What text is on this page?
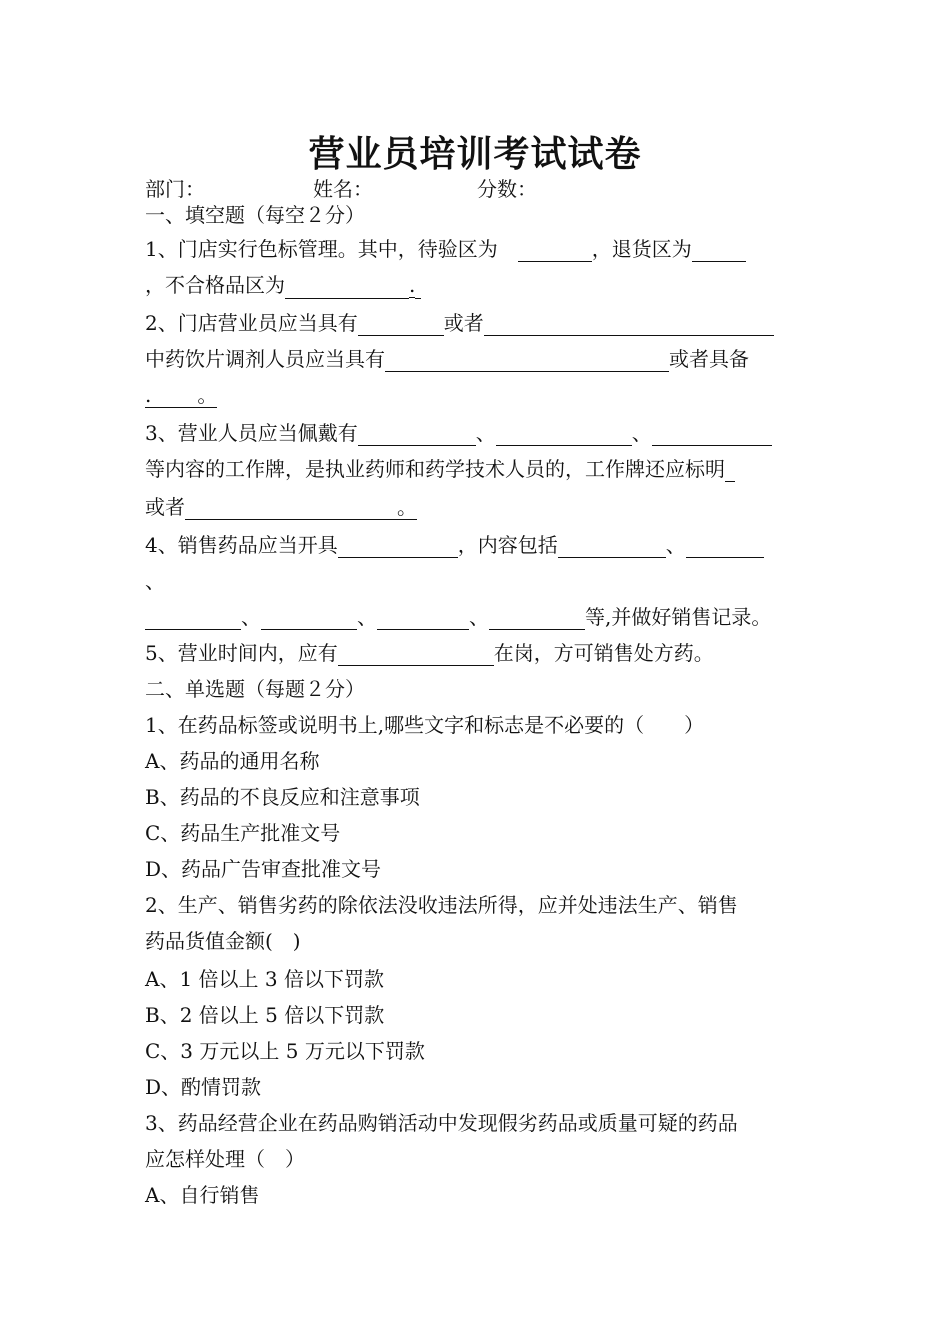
营业员培训考试试卷
部门：	姓名：	分数：
一、填空题（每空２分）
1、门店实行色标管理。其中，待验区为	，退货区为
，不合格品区为	.
2、门店营业员应当具有	或者
中药饮片调剂人员应当具有	或者具备
. 。
3、营业人员应当佩戴有	、	、
等内容的工作牌，是执业药师和药学技术人员的，工作牌还应标明
或者	。
4、销售药品应当开具	，内容包括	、
、
、	、	、	等,并做好销售记录。
5、营业时间内，应有	在岗，方可销售处方药。
二、单选题（每题２分）
1、在药品标签或说明书上,哪些文字和标志是不必要的（　　）
A、药品的通用名称
B、药品的不良反应和注意事项
C、药品生产批准文号
D、药品广告审查批准文号
2、生产、销售劣药的除依法没收违法所得，应并处违法生产、销售
药品货值金额(　)
A、1 倍以上 3 倍以下罚款
B、2 倍以上 5 倍以下罚款
C、3 万元以上 5 万元以下罚款
D、酌情罚款
3、药品经营企业在药品购销活动中发现假劣药品或质量可疑的药品
应怎样处理（　）
A、自行销售
